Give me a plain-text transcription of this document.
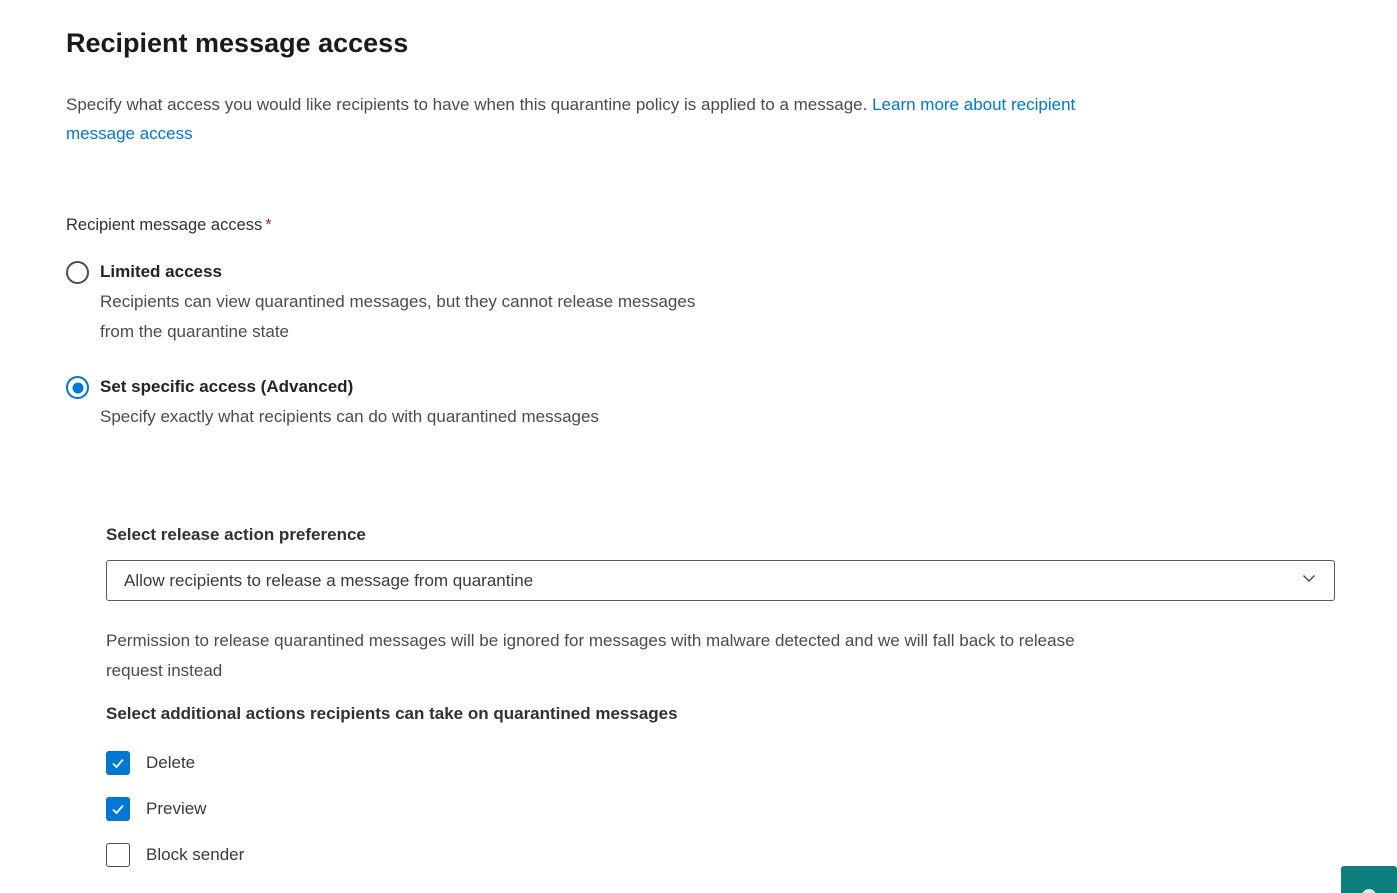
Recipient message access

Specify what access you would like recipients to have when this quarantine policy is applied to a message. Learn more about recipient
message access

Recipient message access *
Limited access
Recipients can view quarantined messages, but they cannot release messages
from the quarantine state
Set specific access (Advanced)
Specify exactly what recipients can do with quarantined messages
Select release action preference
Allow recipients to release a message from quarantine

Permission to release quarantined messages will be ignored for messages with malware detected and we will fall back to release
request instead

Select additional actions recipients can take on quarantined messages
Delete
Preview
Block sender
